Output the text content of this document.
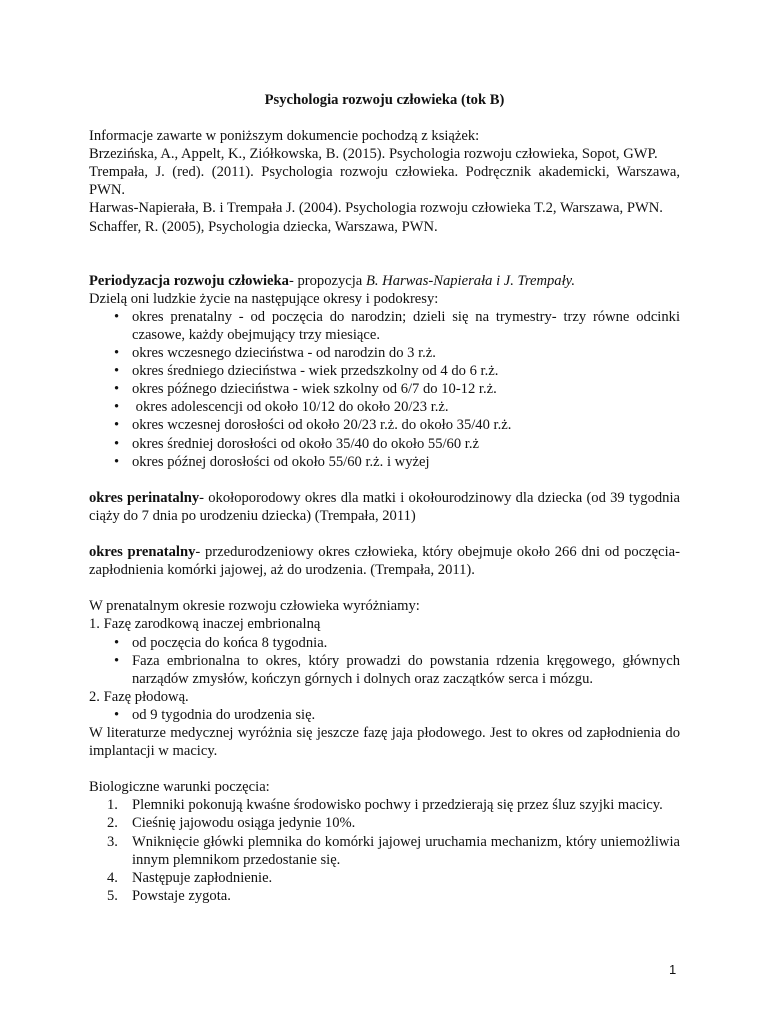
Psychologia rozwoju człowieka (tok B)

Informacje zawarte w poniższym dokumencie pochodzą z książek:

Brzezińska, A., Appelt, K., Ziółkowska, B. (2015). Psychologia rozwoju człowieka, Sopot, GWP.

Trempała, J. (red). (2011). Psychologia rozwoju człowieka. Podręcznik akademicki, Warszawa, PWN.

Harwas-Napierała, B. i Trempała J. (2004). Psychologia rozwoju człowieka T.2, Warszawa, PWN.

Schaffer, R. (2005), Psychologia dziecka, Warszawa, PWN.

Periodyzacja rozwoju człowieka- propozycja B. Harwas-Napierała i J. Trempały.

Dzielą oni ludzkie życie na następujące okresy i podokresy:

• okres prenatalny - od poczęcia do narodzin; dzieli się na trymestry- trzy równe odcinki czasowe, każdy obejmujący trzy miesiące.
• okres wczesnego dzieciństwa - od narodzin do 3 r.ż.
• okres średniego dzieciństwa - wiek przedszkolny od 4 do 6 r.ż.
• okres późnego dzieciństwa - wiek szkolny od 6/7 do 10-12 r.ż.
•  okres adolescencji od około 10/12 do około 20/23 r.ż.
• okres wczesnej dorosłości od około 20/23 r.ż. do około 35/40 r.ż.
• okres średniej dorosłości od około 35/40 do około 55/60 r.ż
• okres późnej dorosłości od około 55/60 r.ż. i wyżej

okres perinatalny- okołoporodowy okres dla matki i okołourodzinowy dla dziecka (od 39 tygodnia ciąży do 7 dnia po urodzeniu dziecka) (Trempała, 2011)

okres prenatalny- przedurodzeniowy okres człowieka, który obejmuje około 266 dni od poczęcia- zapłodnienia komórki jajowej, aż do urodzenia. (Trempała, 2011).

W prenatalnym okresie rozwoju człowieka wyróżniamy:

1. Fazę zarodkową inaczej embrionalną

• od poczęcia do końca 8 tygodnia.
• Faza embrionalna to okres, który prowadzi do powstania rdzenia kręgowego, głównych narządów zmysłów, kończyn górnych i dolnych oraz zaczątków serca i mózgu.

2. Fazę płodową.

• od 9 tygodnia do urodzenia się.

W literaturze medycznej wyróżnia się jeszcze fazę jaja płodowego. Jest to okres od zapłodnienia do implantacji w macicy.

Biologiczne warunki poczęcia:

1. Plemniki pokonują kwaśne środowisko pochwy i przedzierają się przez śluz szyjki macicy.
2. Cieśnię jajowodu osiąga jedynie 10%.
3. Wniknięcie główki plemnika do komórki jajowej uruchamia mechanizm, który uniemożliwia innym plemnikom przedostanie się.
4. Następuje zapłodnienie.
5. Powstaje zygota.
1
